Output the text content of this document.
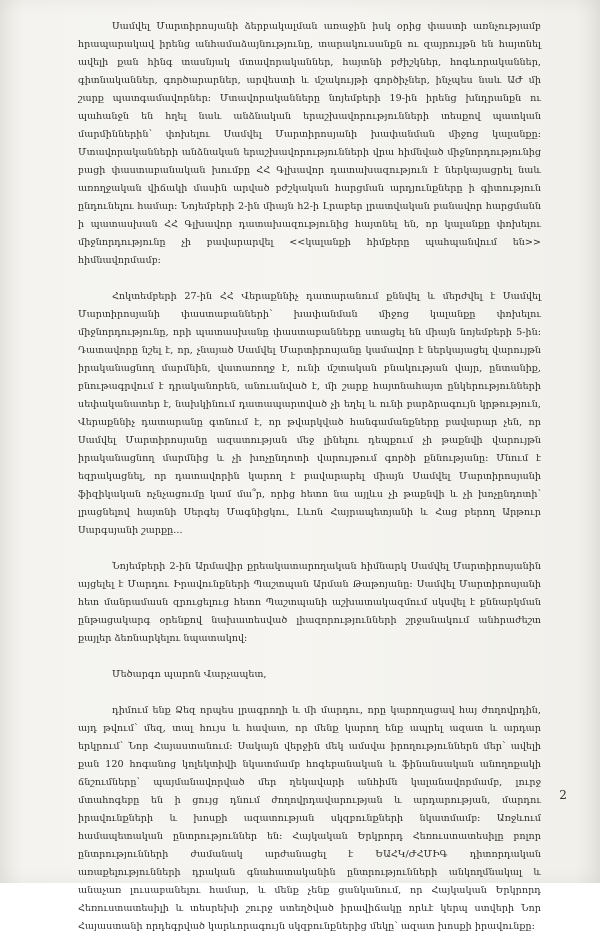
Սամվել Մարտիրոսյանի ձերբակալման առաջին իսկ օրից փաստի առնչությամբ հրապարակավ իրենց անհամաձայնությունը, տարակուսանքն ու զայրույթն են հայտնել ավելի քան հինգ տասնյակ մտավորականներ, հայտնի բժիշկներ, հոգևորականներ, գիտնականներ, գործարարներ, արվեստի և մշակույթի գործիչներ, ինչպես նաև ԱԺ մի շարք պատգամավորներ։ Մտավորականները նոյեմբերի 19-ին իրենց խնդրանքն ու պահանջն են հղել նաև անձնական երաշխավորությունների տեսքով պատկան մարմիններին՝ փոխելու Սամվել Մարտիրոսյանի խափանման միջոց կալանքը: Մտավորականների անձնական երաշխավորությունների վրա հիմնված միջնորդությունից բացի փաստաբանական խումբը ՀՀ Գլխավոր դատախազություն է ներկայացրել նաև առողջական վիճակի մասին արված բժշկական հարցման արդյունքները ի գիտություն ընդունելու համար։ Նոյեմբերի 2-ին միայն h2-ի Լրաբեր լրատվական բանավոր հարցմանն ի պատասխան ՀՀ Գլխավոր դատախազությունից հայտնել են, որ կալանքը փոխելու միջնորդությունը չի բավարարվել <<կալանքի հիմքերը պահպանվում են>> հիմնավորմամբ:

Հոկտեմբերի 27-ին ՀՀ Վերաքննիչ դատարանում քննվել և մերժվել է Սամվել Մարտիրոսյանի փաստաբանների՝ խափանման միջոց կալանքը փոխելու միջնորդությունը, որի պատասխանը փաստաբանները ստացել են միայն նոյեմբերի 5-ին: Դատավորը նշել է, որ, չնայած Սամվել Մարտիրոսյանը կամավոր է ներկայացել վարույթն իրականացնող մարմնին, վատառողջ է, ունի մշտական բնակության վայր, ընտանիք, բնութագրվում է դրականորեն, անուանված է, մի շարք հայտնահայտ ընկերությունների սեփականատեր է, նախկինում դատապարտված չի եղել և ունի բարձրագույն կրթություն, Վերաքննիչ դատարանը գտնում է, որ թվարկված հանգամանքները բավարար չեն, որ Սամվել Մարտիրոսյանը ազատության մեջ լինելու դեպքում չի թաքնվի վարույթն իրականացնող մարմնից և չի խոչընդոտի վարույթում գործի քննությանը: Մնում է եզրակացնել, որ դատավորին կարող է բավարարել միայն Սամվել Մարտիրոսյանի ֆիզիկական ոչնչացումը կամ մա՞ր, որից հետո նա այլևս չի թաքնվի և չի խոչընդոտի՝ լրացնելով հայտնի Սերգեյ Մագնիցկու, Լևոն Հայրապետյանի և Հաց բերող Արթուր Սարգսյանի շարքը...

Նոյեմբերի 2-ին Արմավիր քրեակատարողական հիմնարկ Սամվել Մարտիրոսյանին այցելել է Մարդու Իրավունքների Պաշտպան Արման Թաթոյանը: Սամվել Մարտիրոսյանի հետ մանրամասն զրուցելուց հետո Պաշտպանի աշխատակազմում սկսվել է քննարկման ընթացակարգ օրենքով նախատեսված լիազորությունների շրջանակում անհրաժեշտ քայլեր ձեռնարկելու նպատակով:

Մեծարգո պարոն Վարչապետ,

դիմում ենք Ձեզ որպես լրագրողի և մի մարդու, որը կարողացավ հայ ժողովրդին, այդ թվում՝ մեզ, տալ հույս և հավատ, որ մենք կարող ենք ապրել ազատ և արդար երկրում՝ Նոր Հայաստանում: Սակայն վերջին մեկ ամսվա իրողություններն մեր՝ ավելի քան 120 հոգանոց կոլեկտիվի նկատմամբ հոգեբանական և ֆինանսական անողոքակի ճնշումները՝ պայմանավորված մեր ղեկավարի անհիմն կալանավորմամբ, լուրջ մտահոգեբը են ի ցույց դնում ժողովրդավարության և արդարության, մարդու իրավունքների և խոսքի ազատության սկզբունքների նկատմամբ: Առջևում համապետական ընտրություններ են: Հայկական Երկրորդ Հեռուստատեսիլը բոլոր ընտրությունների ժամանակ արժանացել է ԵԱՀԿ/ԺՀՄԻԳ դիտորդական առաքելությունների դրական գնահատականին ընտրությունների անկողմնակալ և անաչառ լուսաբանելու համար, և մենք չենք ցանկանում, որ Հայկական Երկրորդ Հեռուստատեսիլի և տեսրեխի շուրջ ստեղծված իրավիճակը որևէ կերպ ստվերի Նոր Հայաստանի որդեգրված կարևորագույն սկզբունքներից մեկը՝ ազատ խոսքի իրավունքը:

2
